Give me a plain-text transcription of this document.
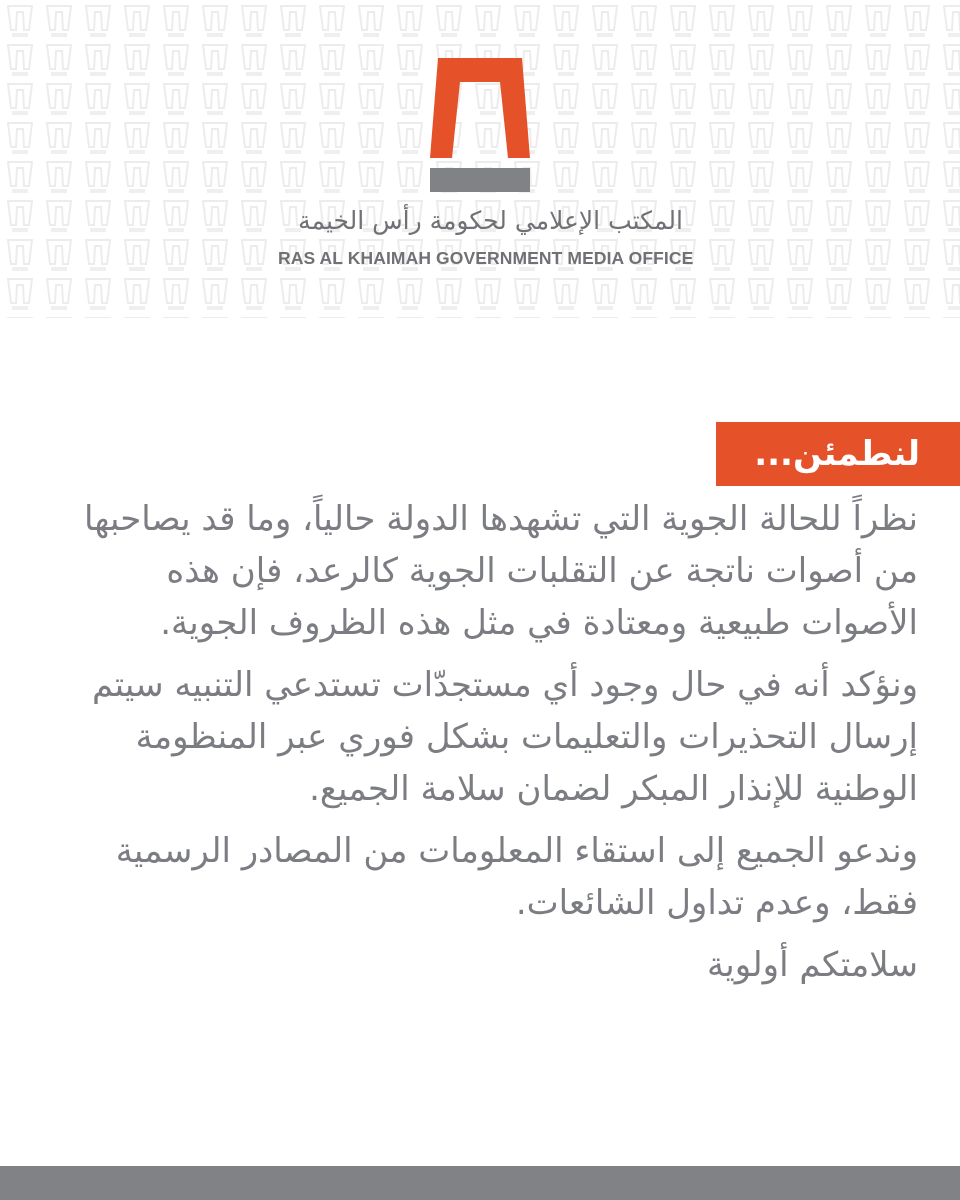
المكتب الإعلامي لحكومة رأس الخيمة
RAS AL KHAIMAH GOVERNMENT MEDIA OFFICE
لنطمئن...

نظراً للحالة الجوية التي تشهدها الدولة حالياً، وما قد يصاحبها من أصوات ناتجة عن التقلبات الجوية كالرعد، فإن هذه الأصوات طبيعية ومعتادة في مثل هذه الظروف الجوية.

ونؤكد أنه في حال وجود أي مستجدّات تستدعي التنبيه سيتم إرسال التحذيرات والتعليمات بشكل فوري عبر المنظومة الوطنية للإنذار المبكر لضمان سلامة الجميع.

وندعو الجميع إلى استقاء المعلومات من المصادر الرسمية فقط، وعدم تداول الشائعات.

سلامتكم أولوية
